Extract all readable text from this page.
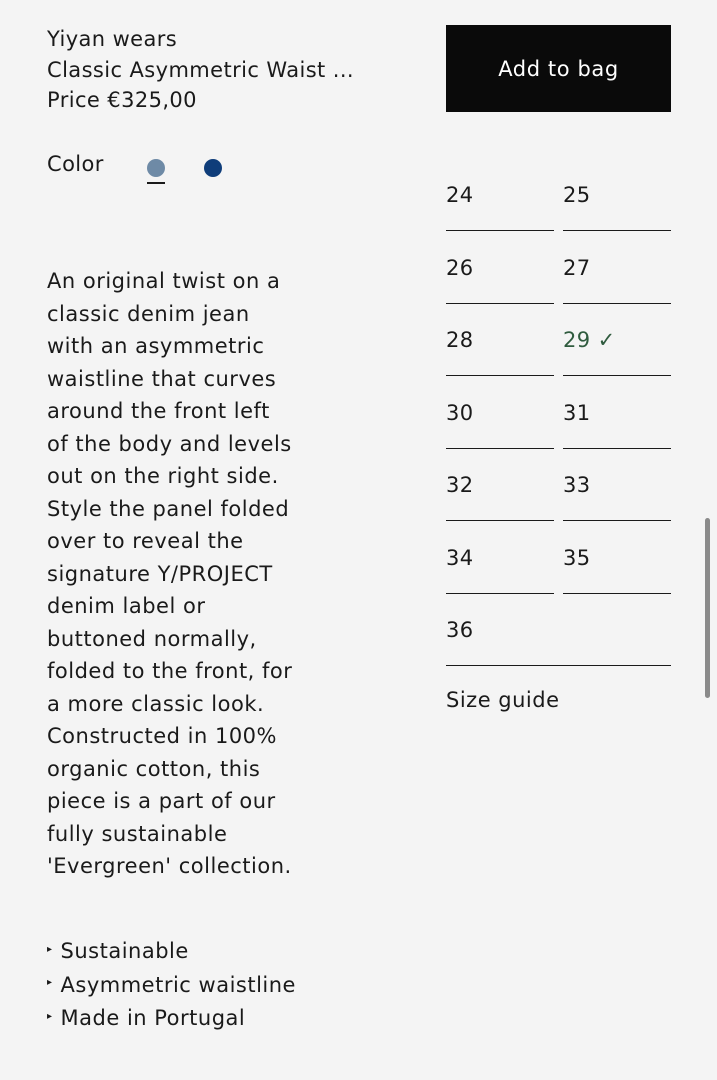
Yiyan wears
Classic Asymmetric Waist ...
Price €325,00
Color
An original twist on a
classic denim jean
with an asymmetric
waistline that curves
around the front left
of the body and levels
out on the right side.
Style the panel folded
over to reveal the
signature Y/PROJECT
denim label or
buttoned normally,
folded to the front, for
a more classic look.
Constructed in 100%
organic cotton, this
piece is a part of our
fully sustainable
'Evergreen' collection.
▸ Sustainable
▸ Asymmetric waistline
▸ Made in Portugal
Add to bag
24	25
26	27
28	29 ✓
30	31
32	33
34	35
36
Size guide
